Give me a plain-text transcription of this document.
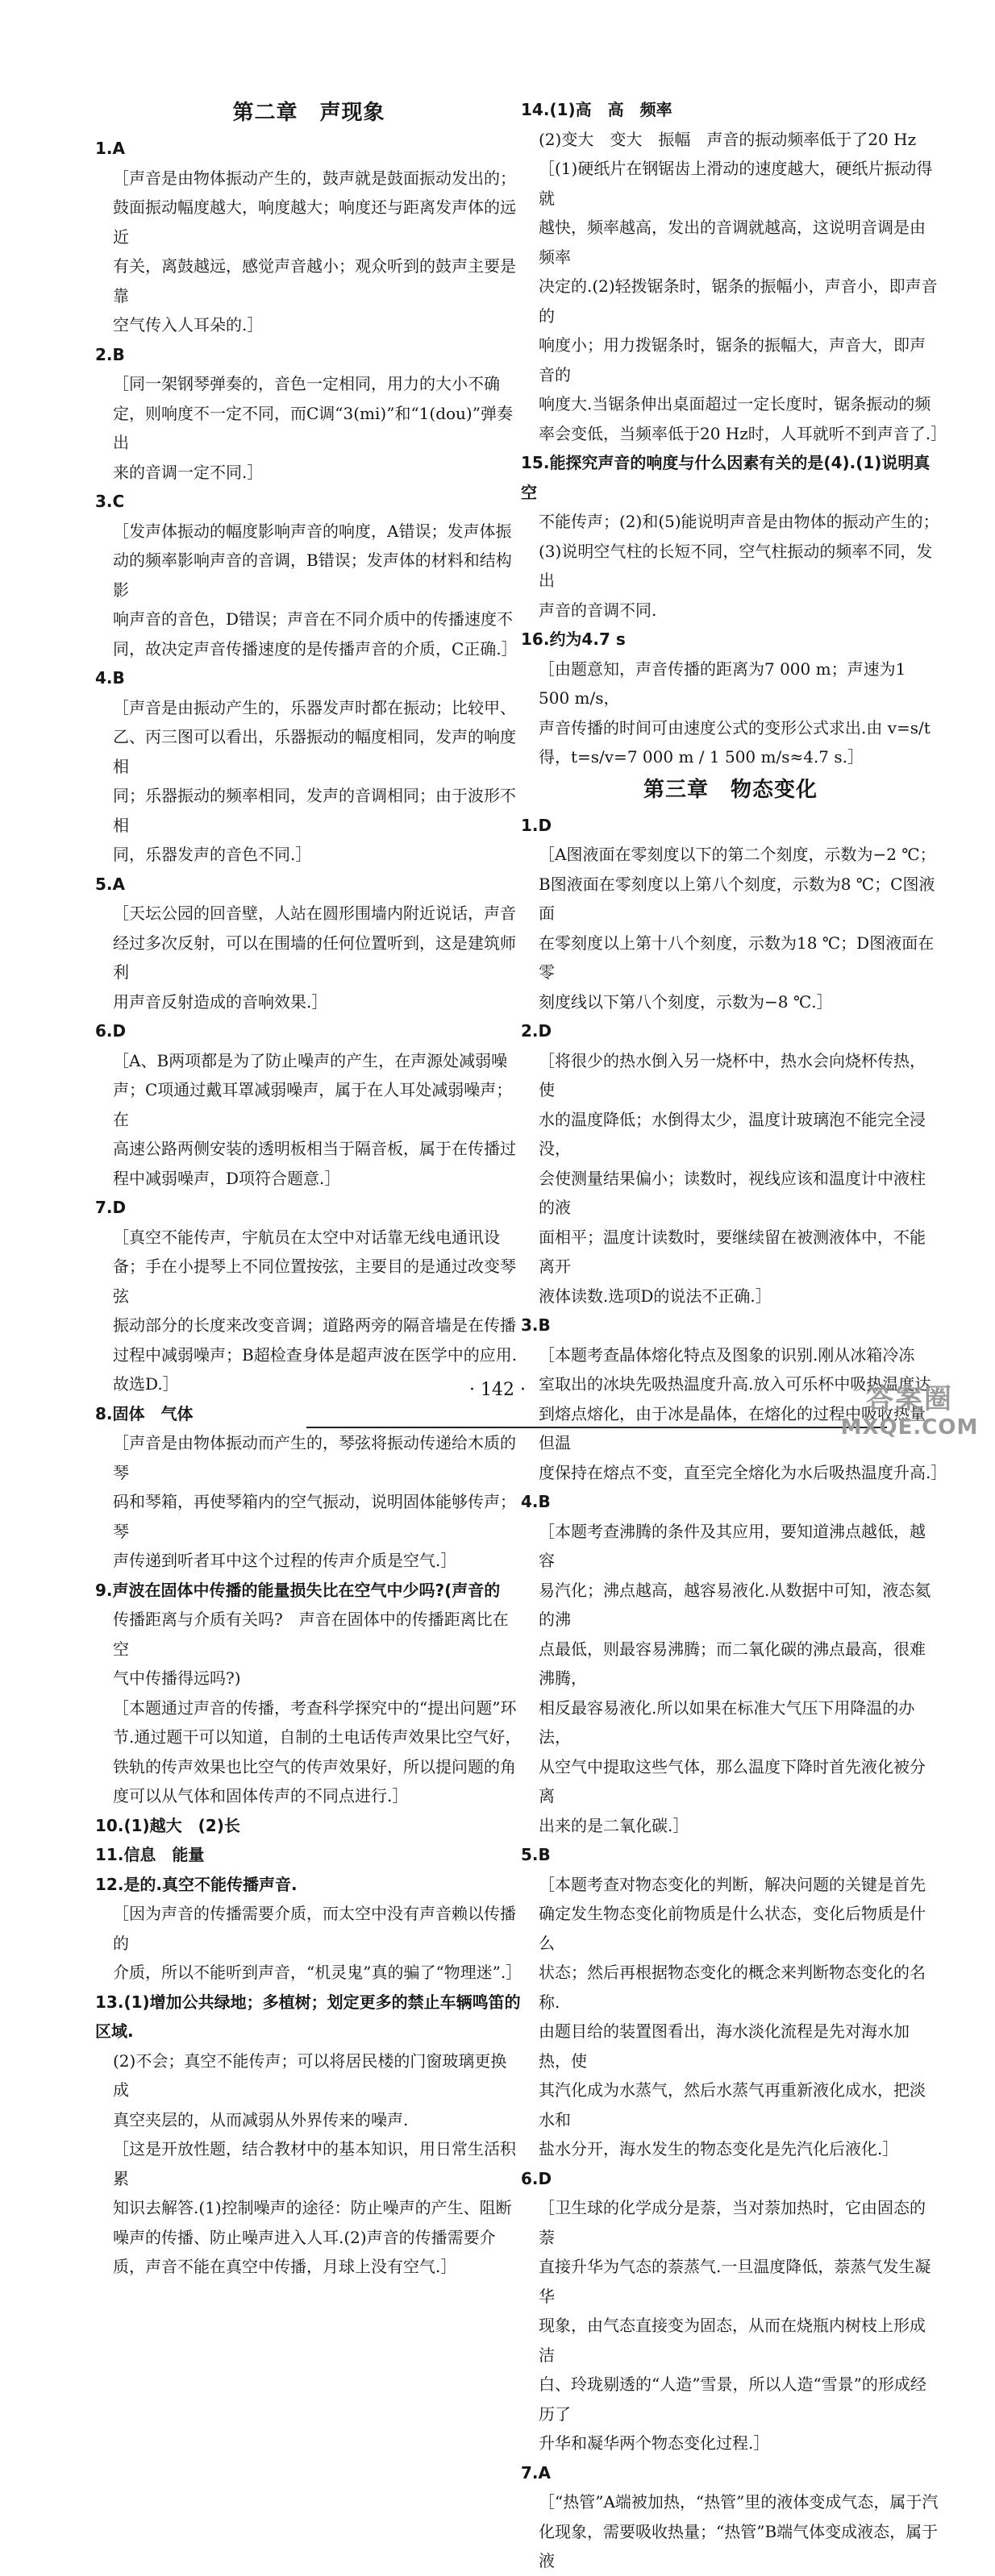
第二章　声现象

1.A

［声音是由物体振动产生的，鼓声就是鼓面振动发出的；

鼓面振动幅度越大，响度越大；响度还与距离发声体的远近

有关，离鼓越远，感觉声音越小；观众听到的鼓声主要是靠

空气传入人耳朵的.］

2.B

［同一架钢琴弹奏的，音色一定相同，用力的大小不确

定，则响度不一定不同，而C调“3(mi)”和“1(dou)”弹奏出

来的音调一定不同.］

3.C

［发声体振动的幅度影响声音的响度，A错误；发声体振

动的频率影响声音的音调，B错误；发声体的材料和结构影

响声音的音色，D错误；声音在不同介质中的传播速度不

同，故决定声音传播速度的是传播声音的介质，C正确.］

4.B

［声音是由振动产生的，乐器发声时都在振动；比较甲、

乙、丙三图可以看出，乐器振动的幅度相同，发声的响度相

同；乐器振动的频率相同，发声的音调相同；由于波形不相

同，乐器发声的音色不同.］

5.A

［天坛公园的回音壁，人站在圆形围墙内附近说话，声音

经过多次反射，可以在围墙的任何位置听到，这是建筑师利

用声音反射造成的音响效果.］

6.D

［A、B两项都是为了防止噪声的产生，在声源处减弱噪

声；C项通过戴耳罩减弱噪声，属于在人耳处减弱噪声；在

高速公路两侧安装的透明板相当于隔音板，属于在传播过

程中减弱噪声，D项符合题意.］

7.D

［真空不能传声，宇航员在太空中对话靠无线电通讯设

备；手在小提琴上不同位置按弦，主要目的是通过改变琴弦

振动部分的长度来改变音调；道路两旁的隔音墙是在传播

过程中减弱噪声；B超检查身体是超声波在医学中的应用.

故选D.］

8.固体　气体

［声音是由物体振动而产生的，琴弦将振动传递给木质的琴

码和琴箱，再使琴箱内的空气振动，说明固体能够传声；琴

声传递到听者耳中这个过程的传声介质是空气.］

9.声波在固体中传播的能量损失比在空气中少吗?(声音的

传播距离与介质有关吗?　声音在固体中的传播距离比在空

气中传播得远吗?)

［本题通过声音的传播，考查科学探究中的“提出问题”环

节.通过题干可以知道，自制的土电话传声效果比空气好，

铁轨的传声效果也比空气的传声效果好，所以提问题的角

度可以从气体和固体传声的不同点进行.］

10.(1)越大　(2)长

11.信息　能量

12.是的.真空不能传播声音.

［因为声音的传播需要介质，而太空中没有声音赖以传播的

介质，所以不能听到声音，“机灵鬼”真的骗了“物理迷”.］

13.(1)增加公共绿地；多植树；划定更多的禁止车辆鸣笛的区域.

(2)不会；真空不能传声；可以将居民楼的门窗玻璃更换成

真空夹层的，从而减弱从外界传来的噪声.

［这是开放性题，结合教材中的基本知识，用日常生活积累

知识去解答.(1)控制噪声的途径：防止噪声的产生、阻断

噪声的传播、防止噪声进入人耳.(2)声音的传播需要介

质，声音不能在真空中传播，月球上没有空气.］

14.(1)高　高　频率

(2)变大　变大　振幅　声音的振动频率低于了20 Hz

［(1)硬纸片在钢锯齿上滑动的速度越大，硬纸片振动得就

越快，频率越高，发出的音调就越高，这说明音调是由频率

决定的.(2)轻拨锯条时，锯条的振幅小，声音小，即声音的

响度小；用力拨锯条时，锯条的振幅大，声音大，即声音的

响度大.当锯条伸出桌面超过一定长度时，锯条振动的频

率会变低，当频率低于20 Hz时，人耳就听不到声音了.］

15.能探究声音的响度与什么因素有关的是(4).(1)说明真空

不能传声；(2)和(5)能说明声音是由物体的振动产生的；

(3)说明空气柱的长短不同，空气柱振动的频率不同，发出

声音的音调不同.

16.约为4.7 s

［由题意知，声音传播的距离为7 000 m；声速为1 500 m/s，

声音传播的时间可由速度公式的变形公式求出.由 v=s/t

得，t=s/v=7 000 m / 1 500 m/s≈4.7 s.］

第三章　物态变化

1.D

［A图液面在零刻度以下的第二个刻度，示数为−2 ℃；

B图液面在零刻度以上第八个刻度，示数为8 ℃；C图液面

在零刻度以上第十八个刻度，示数为18 ℃；D图液面在零

刻度线以下第八个刻度，示数为−8 ℃.］

2.D

［将很少的热水倒入另一烧杯中，热水会向烧杯传热，使

水的温度降低；水倒得太少，温度计玻璃泡不能完全浸没，

会使测量结果偏小；读数时，视线应该和温度计中液柱的液

面相平；温度计读数时，要继续留在被测液体中，不能离开

液体读数.选项D的说法不正确.］

3.B

［本题考查晶体熔化特点及图象的识别.刚从冰箱冷冻

室取出的冰块先吸热温度升高.放入可乐杯中吸热温度达

到熔点熔化，由于冰是晶体，在熔化的过程中吸收热量但温

度保持在熔点不变，直至完全熔化为水后吸热温度升高.］

4.B

［本题考查沸腾的条件及其应用，要知道沸点越低，越容

易汽化；沸点越高，越容易液化.从数据中可知，液态氦的沸

点最低，则最容易沸腾；而二氧化碳的沸点最高，很难沸腾，

相反最容易液化.所以如果在标准大气压下用降温的办法，

从空气中提取这些气体，那么温度下降时首先液化被分离

出来的是二氧化碳.］

5.B

［本题考查对物态变化的判断，解决问题的关键是首先

确定发生物态变化前物质是什么状态，变化后物质是什么

状态；然后再根据物态变化的概念来判断物态变化的名称.

由题目给的装置图看出，海水淡化流程是先对海水加热，使

其汽化成为水蒸气，然后水蒸气再重新液化成水，把淡水和

盐水分开，海水发生的物态变化是先汽化后液化.］

6.D

［卫生球的化学成分是萘，当对萘加热时，它由固态的萘

直接升华为气态的萘蒸气.一旦温度降低，萘蒸气发生凝华

现象，由气态直接变为固态，从而在烧瓶内树枝上形成洁

白、玲珑剔透的“人造”雪景，所以人造“雪景”的形成经历了

升华和凝华两个物态变化过程.］

7.A

［“热管”A端被加热，“热管”里的液体变成气态，属于汽

化现象，需要吸收热量；“热管”B端气体变成液态，属于液

· 142 ·	答案圈
MXQE.COM
